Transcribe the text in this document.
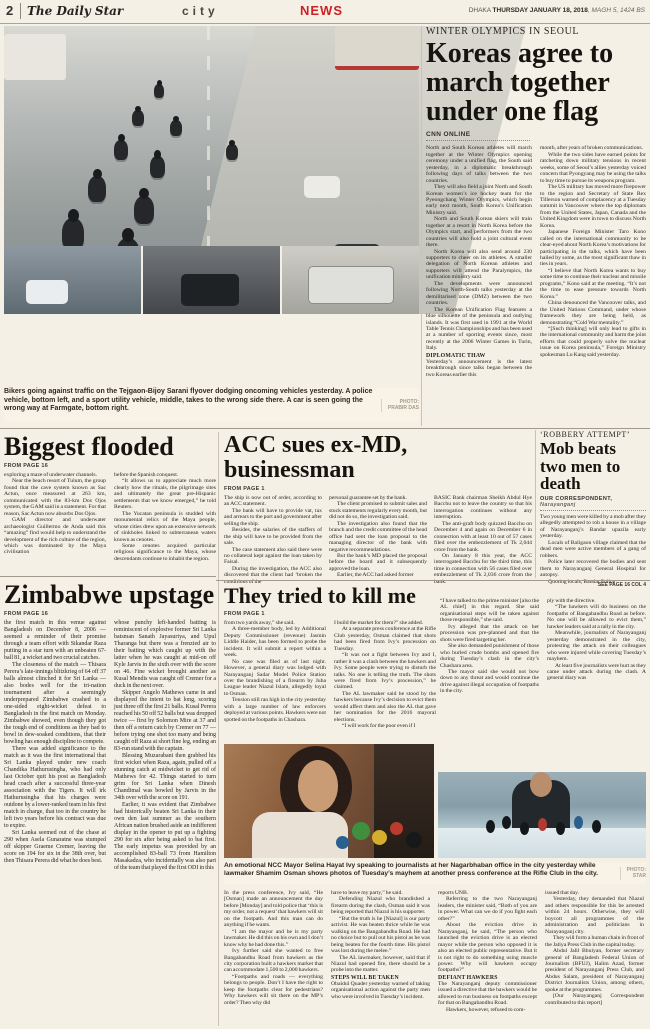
2 The Daily Star	city	NEWS	DHAKA THURSDAY JANUARY 18, 2018, MAGH 5, 1424 BS
Bikers going against traffic on the Tejgaon-Bijoy Sarani flyover dodging oncoming vehicles yesterday. A police vehicle, bottom left, and a sport utility vehicle, middle, takes to the wrong side there. A car is seen going the wrong way at Farmgate, bottom right.
PHOTO:
PRABIR DAS
WINTER OLYMPICS IN SEOUL
Koreas agree to march together under one flag
CNN ONLINE

North and South Korean athletes will march together at the Winter Olympics opening ceremony under a unified flag, the South said yesterday, in a diplomatic breakthrough following days of talks between the two countries.

They will also field a joint North and South Korean women’s ice hockey team for the Pyeongchang Winter Olympics, which begin early next month, South Korea’s Unification Ministry said.

North and South Korean skiers will train together at a resort in North Korea before the Olympics start, and performers from the two countries will also hold a joint cultural event there.

North Korea will also send around 230 supporters to cheer on its athletes. A smaller delegation of North Korean athletes and supporters will attend the Paralympics, the unification ministry said.

The developments were announced following North-South talks yesterday at the demilitarised zone (DMZ) between the two countries.

The Korean Unification Flag features a blue silhouette of the peninsula and outlying islands. It was first used in 1991 at the World Table Tennis Championships and has been used at a number of sporting events since, most recently at the 2006 Winter Games in Turin, Italy.

DIPLOMATIC THAW

Yesterday’s announcement is the latest breakthrough since talks began between the two Koreas earlier this

month, after years of broken communications.

While the two sides have earned points for ratcheting down military tensions in recent weeks, some of Seoul’s allies yesterday voiced concern that Pyongyang may be using the talks to buy time to pursue its weapons program.

The US military has moved more firepower to the region and Secretary of State Rex Tillerson warned of complacency at a Tuesday summit in Vancouver where the top diplomats from the United States, Japan, Canada and the United Kingdom were in town to discuss North Korea.

Japanese Foreign Minister Taro Kono called on the international community to be clear-eyed about North Korea’s motivations for participating in the talks, which have been hailed by some, as the most significant thaw in ties in years.

“I believe that North Korea wants to buy some time to continue their nuclear and missile programs,” Kono said at the meeting. “It’s not the time to ease pressure towards North Korea.”

China denounced the Vancouver talks, and the United Nations Command, under whose framework they are being held, as demonstrating “Cold War mentality.”

“[Such thinking] will only lead to gifts in the international community and harm the joint efforts that could properly solve the nuclear issue on Korea peninsula,” Foreign Ministry spokesman Lu Kang said yesterday.

Biggest flooded
FROM PAGE 16

exploring a maze of underwater channels.

Near the beach resort of Tulum, the group found that the cave system known as Sac Actun, once measured at 263 km, communicated with the 83-km Dos Ojos system, the GAM said in a statement. For that reason, Sac Actun now absorbs Dos Ojos.

GAM director and underwater archaeologist Guillermo de Anda said this “amazing” find would help to understand the development of the rich culture of the region, which was dominated by the Maya civilisation

before the Spanish conquest.

“It allows us to appreciate much more clearly how the rituals, the pilgrimage sites and ultimately the great pre-Hispanic settlements that we know emerged,” he told Reuters.

The Yucatan peninsula is studded with monumental relics of the Maya people, whose cities drew upon an extensive network of sinkholes linked to subterranean waters known as cenotes.

Some cenotes acquired particular religious significance to the Maya, whose descendants continue to inhabit the region.

ACC sues ex-MD, businessman
FROM PAGE 1

The ship is now out of order, according to an ACC statement.

The bank will have to provide vat, tax and arrears to the port and government after selling the ship.

Besides, the salaries of the staffers of the ship will have to be provided from the sale.

The case statement also said there were no collateral kept against the loan taken by Faisal.

During the investigation, the ACC also discovered that the client had ‘broken the conditions of the

personal guarantee set by the bank.

The client promised to submit sales and stock statements regularly every month, but did not do so, the investigation said.

The investigation also found that the branch and the credit committee of the head office had sent the loan proposal to the managing director of the bank with negative recommendations.

But the bank’s MD placed the proposal before the board and it subsequently approved the loan.

Earlier, the ACC had asked former

BASIC Bank chairman Sheikh Abdul Hye Bacchu not to leave the country so that his interrogation continues without any interruption.

The anti-graft body quizzed Bacchu on December 4 and again on December 6 in connection with at least 10 out of 57 cases filed over the embezzlement of Tk 2,044 crore from the bank.

On January 8 this year, the ACC interrogated Bacchu for the third time, this time in connection with 56 cases filed over embezzlement of Tk 2,036 crore from the bank.

‘ROBBERY ATTEMPT’
Mob beats two men to death
OUR CORRESPONDENT, Narayanganj

Two young men were killed by a mob after they allegedly attempted to rob a house in a village of Narayanganj’s Bandar upazila early yesterday.

Locals of Baligaon village claimed that the dead men were active members of a gang of robbers.

Police later recovered the bodies and sent them to Narayanganj General Hospital for autopsy.

Quoting locals, Bandar Police

SEE PAGE 16 COL 4
Zimbabwe upstage
FROM PAGE 16

the first match in this venue against Bangladesh on December 8, 2006 — seemed a reminder of their promise through a team effort with Sikandar Raza putting in a star turn with an unbeaten 67-ball 81, a wicket and two crucial catches.

The closeness of the match — Thisara Perera’s late-innings blitzkrieg of 64 off 37 balls almost clinched it for Sri Lanka — also bodes well for the tri-nation tournament after a seemingly underprepared Zimbabwe crashed to a one-sided eight-wicket defeat to Bangladesh in the first match on Monday. Zimbabwe showed, even though they got the tough end of conditions as they had to bowl in dew-soaked conditions, that their bowling has enough discipline to compete.

There was added significance to the match as it was the first international that Sri Lanka played under new coach Chandika Hathurusingha, who had only last October quit his post as Bangladesh head coach after a successful three-year association with the Tigers. It will irk Hathurusingha that his charges were outdone by a lower-ranked team in his first match in charge, that too in the country he left two years before his contract was due to expire.

Sri Lanka seemed out of the chase at 290 when Asela Gunaratne was stumped off skipper Graeme Cremer, leaving the score on 194 for six in the 38th over, but then Thisara Perera did what he does best.

whose punchy left-handed batting is reminiscent of explosive former Sri Lanka batsman Sanath Jayasuriya, and Upul Tharanga but there was a frenzied air to their batting which caught up with the latter when he was caught at mid-on off Kyle Jarvis in the sixth over with the score on 46. Fine wicket brought another as Kusal Mendis was caught off Cremer for a duck in the next over.

Skipper Angelo Mathews came in and displayed the intent to bat long, scoring just three off the first 21 balls. Kusal Perera reached his 50 off 52 balls but was dropped twice — first by Solomon Mire at 37 and then off a return catch by Cremer on 77 — before trying one shot too many and being caught off Raza at short fine leg, ending an 83-run stand with the captain.

Blessing Muzarabani then grabbed his first wicket when Raza, again, pulled off a stunning catch at midwicket to get rid of Mathews for 42. Things started to turn grim for Sri Lanka when Dinesh Chandimal was bowled by Jarvis in the 34th over with the score on 191.

Earlier, it was evident that Zimbabwe had historically beaten Sri Lanka in their own den last summer as the southern African nation brushed aside an indifferent display in the opener to put up a fighting 290 for six after being asked to bat first. The early impetus was provided by an accomplished 83-ball 73 from Hamilton Masakadza, who incidentally was also part of the team that played the first ODI in this

They tried to kill me
FROM PAGE 1

from two yards away,” she said.

A three-member body, led by Additional Deputy Commissioner (revenue) Jasmin Liddle Haider, has been formed to probe the incident. It will submit a report within a week.

No case was filed as of last night. However, a general diary was lodged with Narayanganj Sadar Model Police Station over the brandishing of a firearm by Juba League leader Niazul Islam, allegedly loyal to Osman.

Tension still ran high in the city yesterday with a large number of law enforcers deployed at various points. Hawkers were not spotted on the footpaths in Chashara.

I build the market for them?” she added.

At a separate press conference at the Rifle Club yesterday, Osman claimed that shots had been fired from Ivy’s procession on Tuesday.

“It was not a fight between Ivy and I, rather it was a clash between the hawkers and Ivy. Some people were trying to disturb the talks. No one is telling the truth. The shots were fired from Ivy’s procession,” he claimed.

The AL lawmaker said he stood by the hawkers because Ivy’s decision to evict them would affect them and also the AL that gave her nomination for the 2016 mayoral elections.

“I will work for the poor even if I

“I have talked to the prime minister [also the AL chief] in this regard. She said organisational steps will be taken against those responsible,” she said.

Ivy alleged that the attack on her procession was pre-planned and that the shots were fired targeting her.

She also demanded punishment of those who hurled crude bombs and opened fire during Tuesday’s clash in the city’s Chashara area.

The mayor said she would not bow down to any threat and would continue the drive against illegal occupation of footpaths in the city.

ply with the directive.

“The hawkers will do business on the footpaths of Bangabandhu Road as before. No one will be allowed to evict them,” hawker leaders said at a rally in the city.

Meanwhile, journalists of Narayanganj yesterday demonstrated in the city, protesting the attack on their colleagues who were injured while covering Tuesday’s mayhem.

At least five journalists were hurt as they came under attack during the clash. A general diary was

An emotional NCC Mayor Selina Hayat Ivy speaking to journalists at her Nagarbhaban office in the city yesterday while lawmaker Shamim Osman shows photos of Tuesday’s mayhem at another press conference at the Rifle Club in the city.
PHOTO:
STAR

In the press conference, Ivy said, “He [Osman] made an announcement the day before [Monday] and told police that ‘this is my order, not a request’ that hawkers will sit on the footpath. And this man can do anything if he wants.

“I am the mayor and he is my party lawmaker. He did this on his own and I don’t know why he had done this.”

Ivy further said she wanted to free Bangabandhu Road from hawkers as the city corporation built a hawkers market that can accommodate 1,500 to 2,000 hawkers.

“Footpaths and roads — everything belongs to people. Don’t I have the right to keep the footpaths clear for pedestrians? Why hawkers will sit there on the MP’s order? Then why did

have to leave my party,” he said.

Defending Niazul who brandished a firearm during the clash, Osman said it was being reported that Niazul is his supporter.

“But the truth is he [Niazul] is our party activist. He was beaten thrice while he was walking on the Bangabandhu Road. He had no choice but to pull out his pistol as he was being beaten for the fourth time. His pistol was lost during the melee.”

The AL lawmaker, however, said that if Niazul had opened fire, there should be a probe into the matter.

STEPS WILL BE TAKEN

Obaidul Quader yesterday warned of taking organisational action against the party men who were involved in Tuesday’s incident.

reports UNB.

Referring to the two Narayanganj leaders, the minister said, “Both of you are in power. What can we do if you fight each other?”

About the eviction drive in Narayanganj, he said, “The person who launched the eviction drive is an elected mayor while the person who opposed it is also an elected public representative. But it is not right to do something using muscle power. Why will hawkers occupy footpaths?”

DEFIANT HAWKERS

The Narayanganj deputy commissioner issued a directive that the hawkers would be allowed to run business on footpaths except for that on Bangabandhu Road.

Hawkers, however, refused to com-

issued that day.

Yesterday, they demanded that Niazul and others responsible for this be arrested within 24 hours. Otherwise, they will boycott all programmes of the administration and politicians in Narayanganj city.

They will form a human chain in front of the Jatiya Press Club in the capital today.

Abdul Jalil Bhuiyan, former secretary general of Bangladesh Federal Union of Journalists (BFUJ), Halim Azad, former president of Narayanganj Press Club, and Abdus Salam, president of Narayanganj District Journalists Union, among others, spoke at the programmes.

[Our Narayanganj Correspondent contributed to this report]
